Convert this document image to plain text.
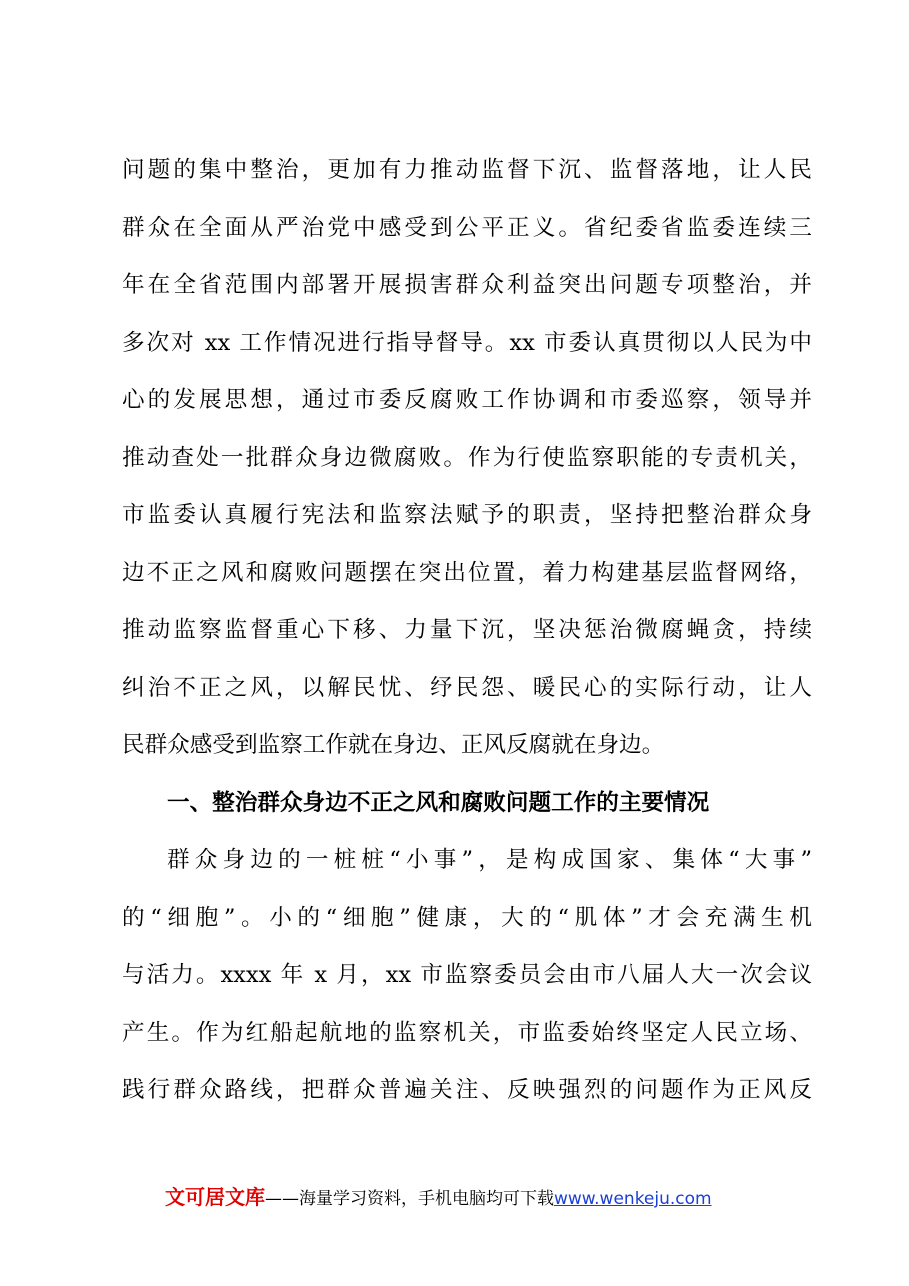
问题的集中整治，更加有力推动监督下沉、监督落地，让人民
群众在全面从严治党中感受到公平正义。省纪委省监委连续三
年在全省范围内部署开展损害群众利益突出问题专项整治，并
多次对 xx 工作情况进行指导督导。xx 市委认真贯彻以人民为中
心的发展思想，通过市委反腐败工作协调和市委巡察，领导并
推动查处一批群众身边微腐败。作为行使监察职能的专责机关，
市监委认真履行宪法和监察法赋予的职责，坚持把整治群众身
边不正之风和腐败问题摆在突出位置，着力构建基层监督网络，
推动监察监督重心下移、力量下沉，坚决惩治微腐蝇贪，持续
纠治不正之风，以解民忧、纾民怨、暖民心的实际行动，让人
民群众感受到监察工作就在身边、正风反腐就在身边。
一、整治群众身边不正之风和腐败问题工作的主要情况
群众身边的一桩桩“小事”，是构成国家、集体“大事”
的“细胞”。小的“细胞”健康，大的“肌体”才会充满生机
与活力。xxxx 年 x 月，xx 市监察委员会由市八届人大一次会议
产生。作为红船起航地的监察机关，市监委始终坚定人民立场、
践行群众路线，把群众普遍关注、反映强烈的问题作为正风反
文可居文库——海量学习资料，手机电脑均可下载www.wenkeju.com
